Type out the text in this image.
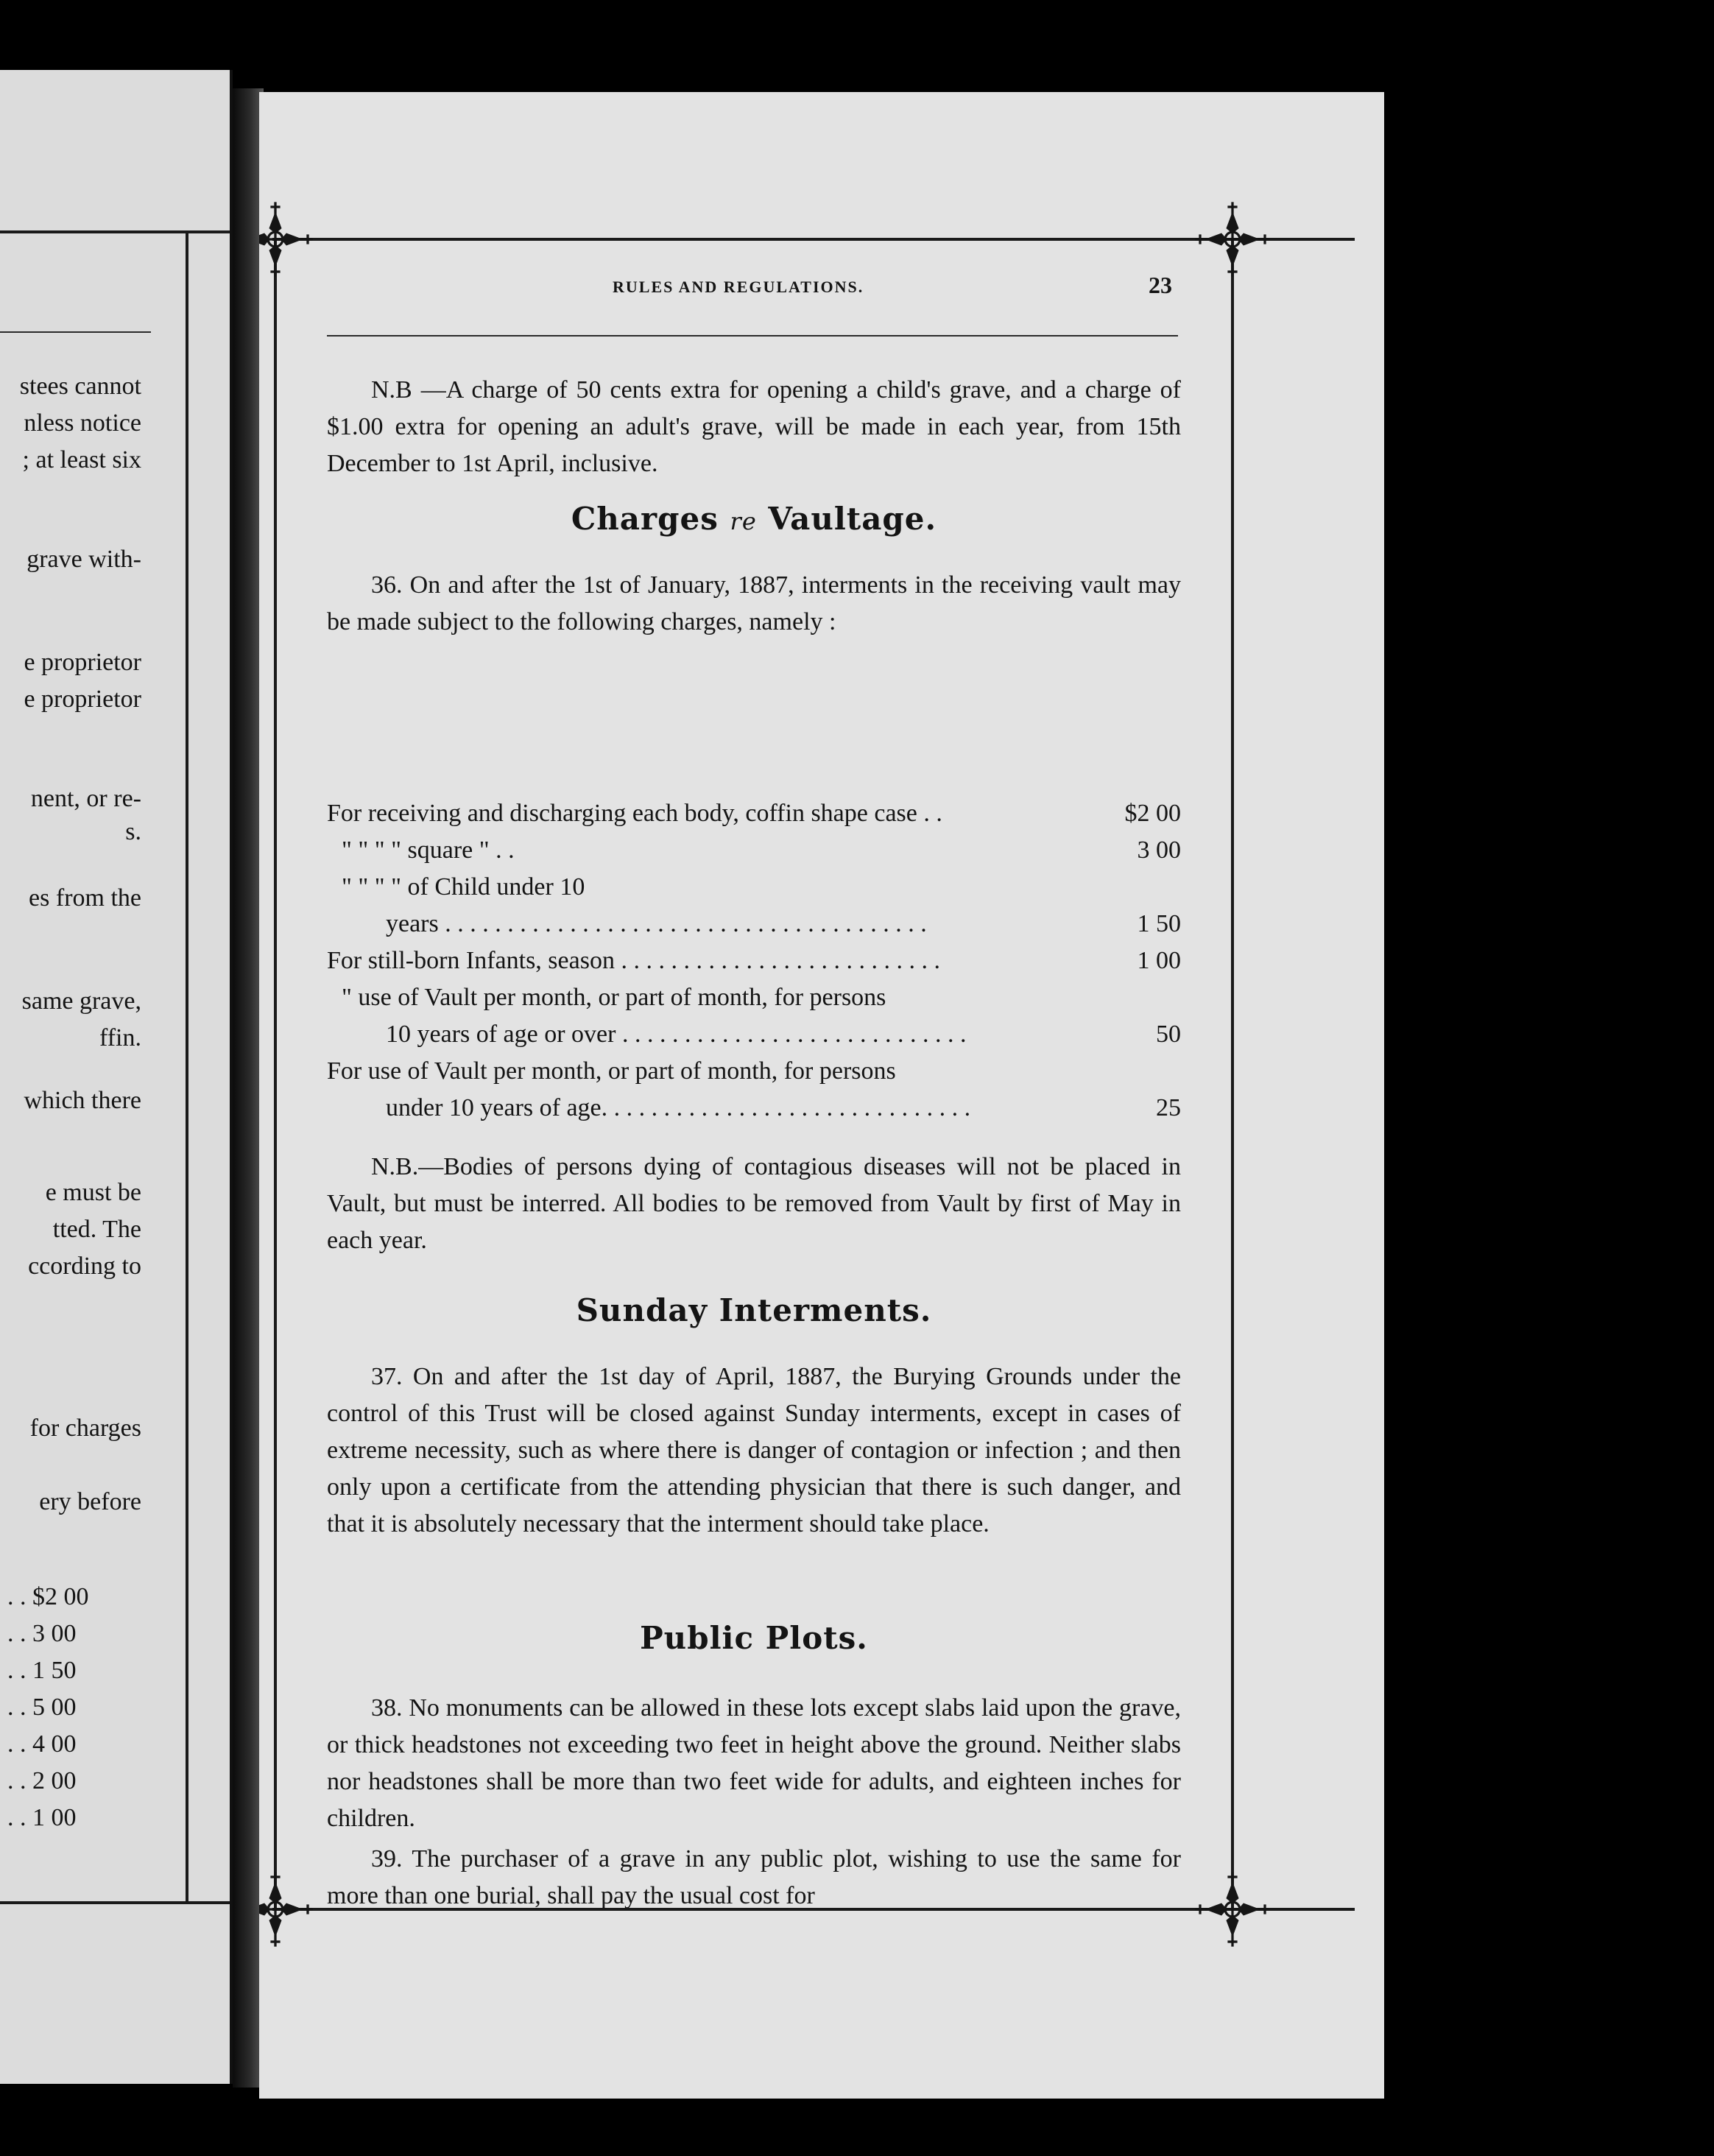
stees cannot
nless notice
; at least six
grave with-
e proprietor
e proprietor
nent, or re-
s.
es from the
same grave,
ffin.
which there
e must be
tted. The
ccording to
for charges
ery before
. . $2 00
. . 3 00
. . 1 50
. . 5 00
. . 4 00
. . 2 00
. . 1 00
RULES AND REGULATIONS.	23

N.B —A charge of 50 cents extra for opening a child's grave, and a charge of $1.00 extra for opening an adult's grave, will be made in each year, from 15th December to 1st April, inclusive.

Charges re Vaultage.

36. On and after the 1st of January, 1887, interments in the receiving vault may be made subject to the following charges, namely :

For receiving and discharging each body, coffin shape case . .	$2 00
" " " " square " . .	3 00
" " " " of Child under 10
years . . . . . . . . . . . . . . . . . . . . . . . . . . . . . . . . . . . . . . .	1 50
For still-born Infants, season . . . . . . . . . . . . . . . . . . . . . . . . . .	1 00
" use of Vault per month, or part of month, for persons
10 years of age or over . . . . . . . . . . . . . . . . . . . . . . . . . . . .	50
For use of Vault per month, or part of month, for persons
under 10 years of age. . . . . . . . . . . . . . . . . . . . . . . . . . . . . .	25

N.B.—Bodies of persons dying of contagious diseases will not be placed in Vault, but must be interred. All bodies to be removed from Vault by first of May in each year.

Sunday Interments.

37. On and after the 1st day of April, 1887, the Burying Grounds under the control of this Trust will be closed against Sunday interments, except in cases of extreme necessity, such as where there is danger of contagion or infection ; and then only upon a certificate from the attending physician that there is such danger, and that it is absolutely necessary that the interment should take place.

Public Plots.

38. No monuments can be allowed in these lots except slabs laid upon the grave, or thick headstones not exceeding two feet in height above the ground. Neither slabs nor headstones shall be more than two feet wide for adults, and eighteen inches for children.

39. The purchaser of a grave in any public plot, wishing to use the same for more than one burial, shall pay the usual cost for
